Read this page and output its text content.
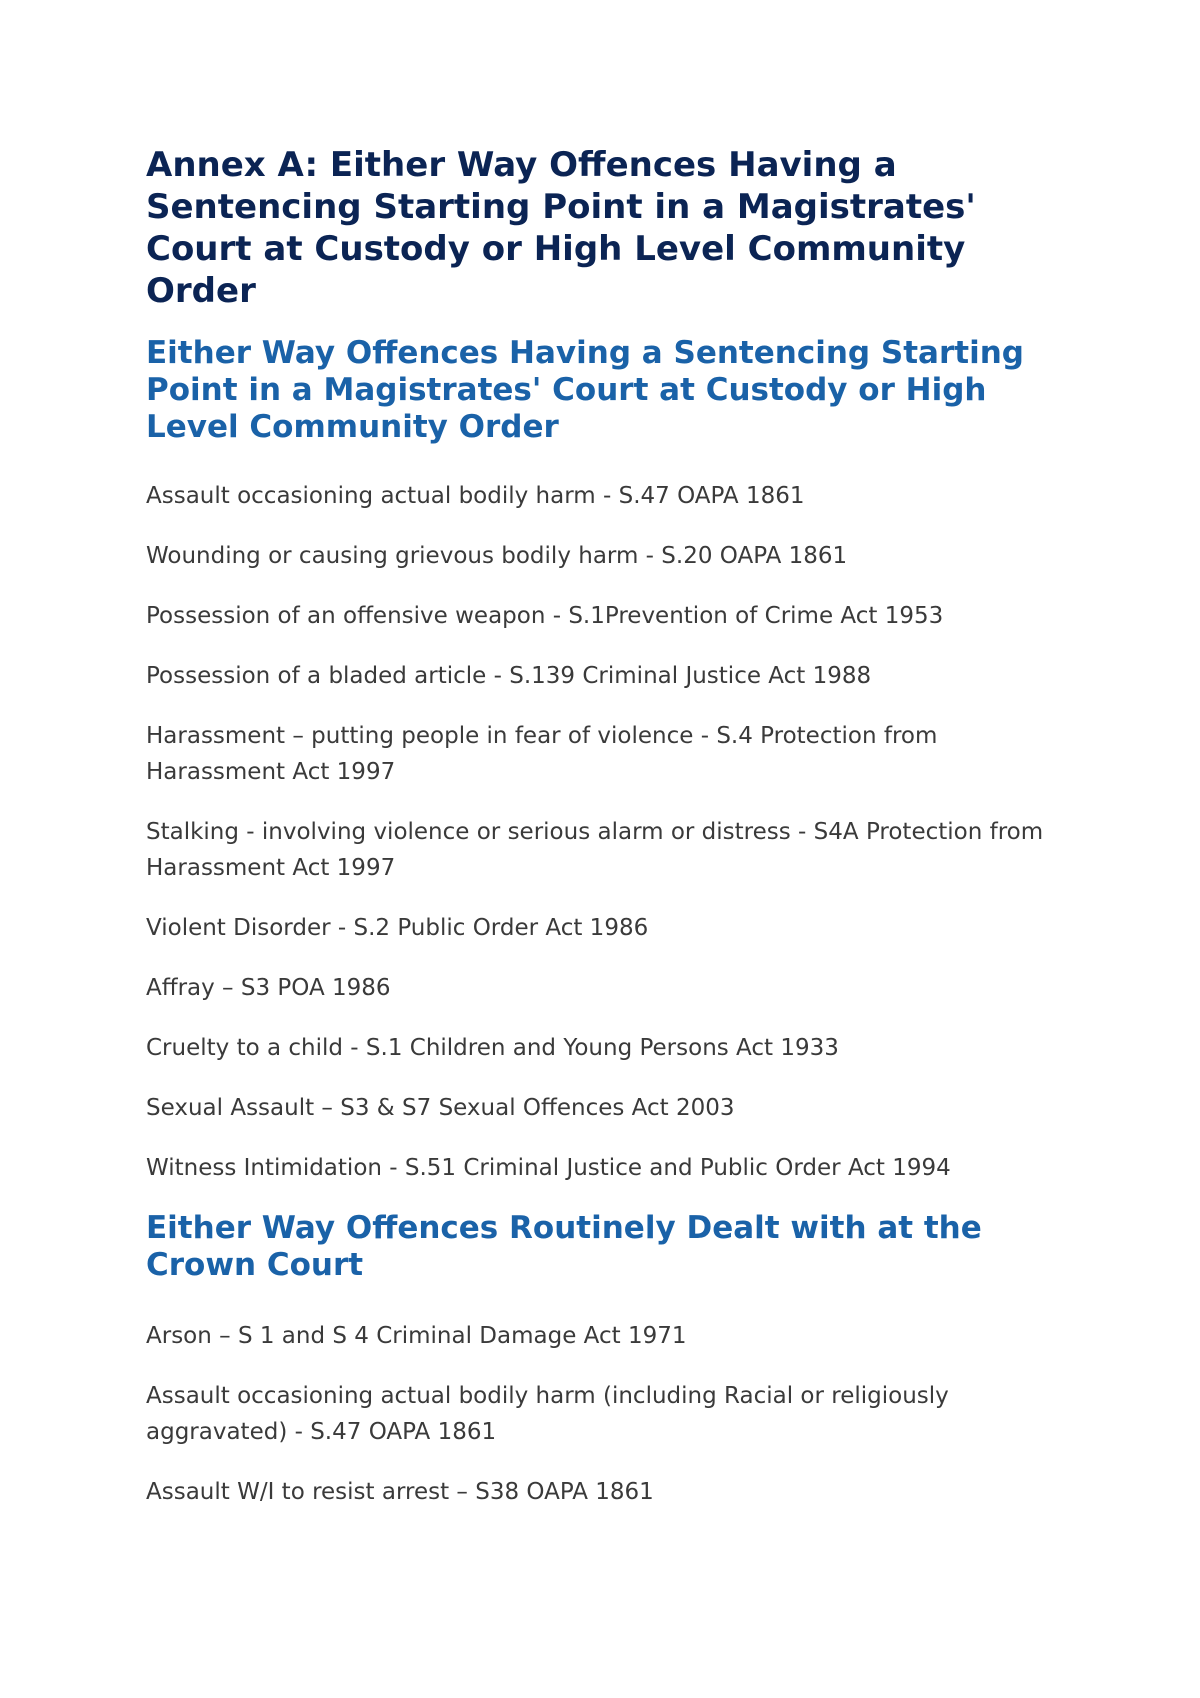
Annex A: Either Way Offences Having a Sentencing Starting Point in a Magistrates' Court at Custody or High Level Community Order
Either Way Offences Having a Sentencing Starting Point in a Magistrates' Court at Custody or High Level Community Order
Assault occasioning actual bodily harm - S.47 OAPA 1861
Wounding or causing grievous bodily harm - S.20 OAPA 1861
Possession of an offensive weapon - S.1Prevention of Crime Act 1953
Possession of a bladed article - S.139 Criminal Justice Act 1988
Harassment – putting people in fear of violence - S.4 Protection from Harassment Act 1997
Stalking - involving violence or serious alarm or distress - S4A Protection from Harassment Act 1997
Violent Disorder - S.2 Public Order Act 1986
Affray – S3 POA 1986
Cruelty to a child - S.1 Children and Young Persons Act 1933
Sexual Assault – S3 & S7 Sexual Offences Act 2003
Witness Intimidation - S.51 Criminal Justice and Public Order Act 1994
Either Way Offences Routinely Dealt with at the Crown Court
Arson – S 1 and S 4 Criminal Damage Act 1971
Assault occasioning actual bodily harm (including Racial or religiously aggravated) - S.47 OAPA 1861
Assault W/I to resist arrest – S38 OAPA 1861
